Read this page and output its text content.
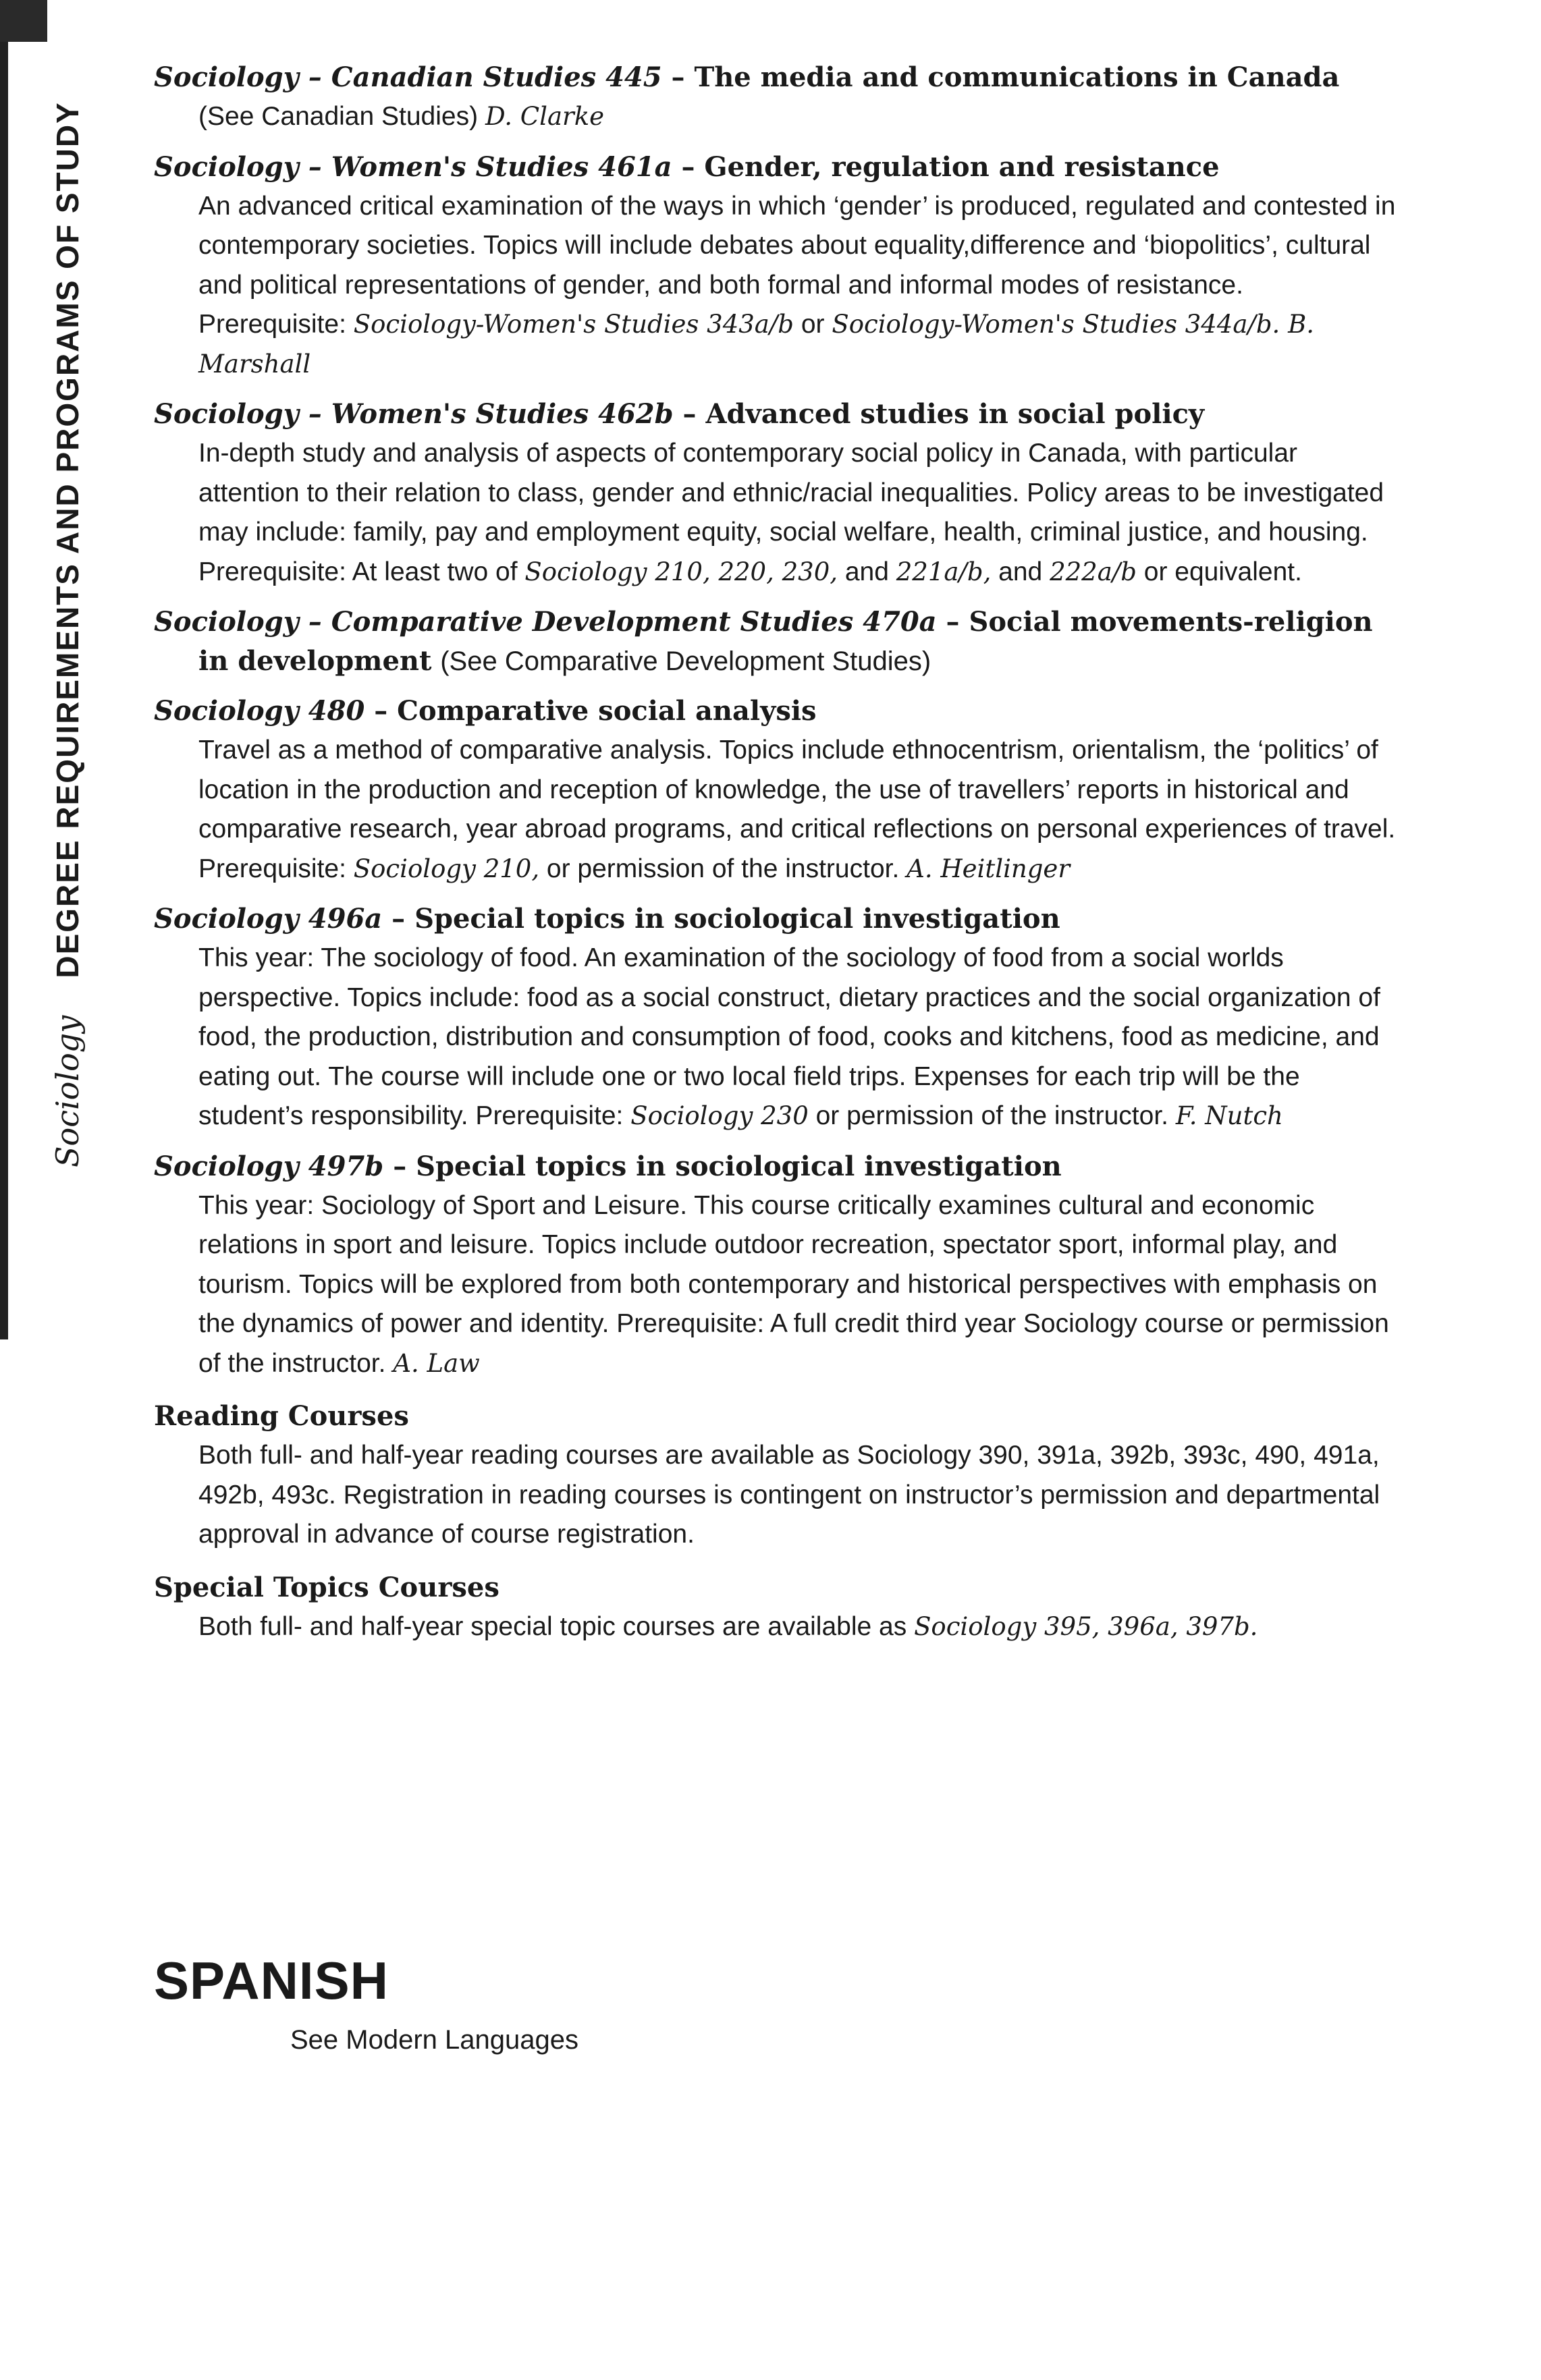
Sociology    DEGREE REQUIREMENTS AND PROGRAMS OF STUDY
Sociology – Canadian Studies 445 – The media and communications in Canada
(See Canadian Studies) D. Clarke
Sociology – Women's Studies 461a – Gender, regulation and resistance
An advanced critical examination of the ways in which ‘gender’ is produced, regulated and contested in contemporary societies. Topics will include debates about equality,difference and ‘biopolitics’, cultural and political representations of gender, and both formal and informal modes of resistance. Prerequisite: Sociology-Women's Studies 343a/b or Sociology-Women's Studies 344a/b. B. Marshall
Sociology – Women's Studies 462b – Advanced studies in social policy
In-depth study and analysis of aspects of contemporary social policy in Canada, with particular attention to their relation to class, gender and ethnic/racial inequalities. Policy areas to be investigated may include: family, pay and employment equity, social welfare, health, criminal justice, and housing. Prerequisite: At least two of Sociology 210, 220, 230, and 221a/b, and 222a/b or equivalent.
Sociology – Comparative Development Studies 470a – Social movements-religion in development (See Comparative Development Studies)
Sociology 480 – Comparative social analysis
Travel as a method of comparative analysis. Topics include ethnocentrism, orientalism, the ‘politics’ of location in the production and reception of knowledge, the use of travellers’ reports in historical and comparative research, year abroad programs, and critical reflections on personal experiences of travel. Prerequisite: Sociology 210, or permission of the instructor. A. Heitlinger
Sociology 496a – Special topics in sociological investigation
This year: The sociology of food. An examination of the sociology of food from a social worlds perspective. Topics include: food as a social construct, dietary practices and the social organization of food, the production, distribution and consumption of food, cooks and kitchens, food as medicine, and eating out. The course will include one or two local field trips. Expenses for each trip will be the student’s responsibility. Prerequisite: Sociology 230 or permission of the instructor. F. Nutch
Sociology 497b – Special topics in sociological investigation
This year: Sociology of Sport and Leisure. This course critically examines cultural and economic relations in sport and leisure. Topics include outdoor recreation, spectator sport, informal play, and tourism. Topics will be explored from both contemporary and historical perspectives with emphasis on the dynamics of power and identity. Prerequisite: A full credit third year Sociology course or permission of the instructor. A. Law
Reading Courses
Both full- and half-year reading courses are available as Sociology 390, 391a, 392b, 393c, 490, 491a, 492b, 493c. Registration in reading courses is contingent on instructor’s permission and departmental approval in advance of course registration.
Special Topics Courses
Both full- and half-year special topic courses are available as Sociology 395, 396a, 397b.
SPANISH
See Modern Languages
